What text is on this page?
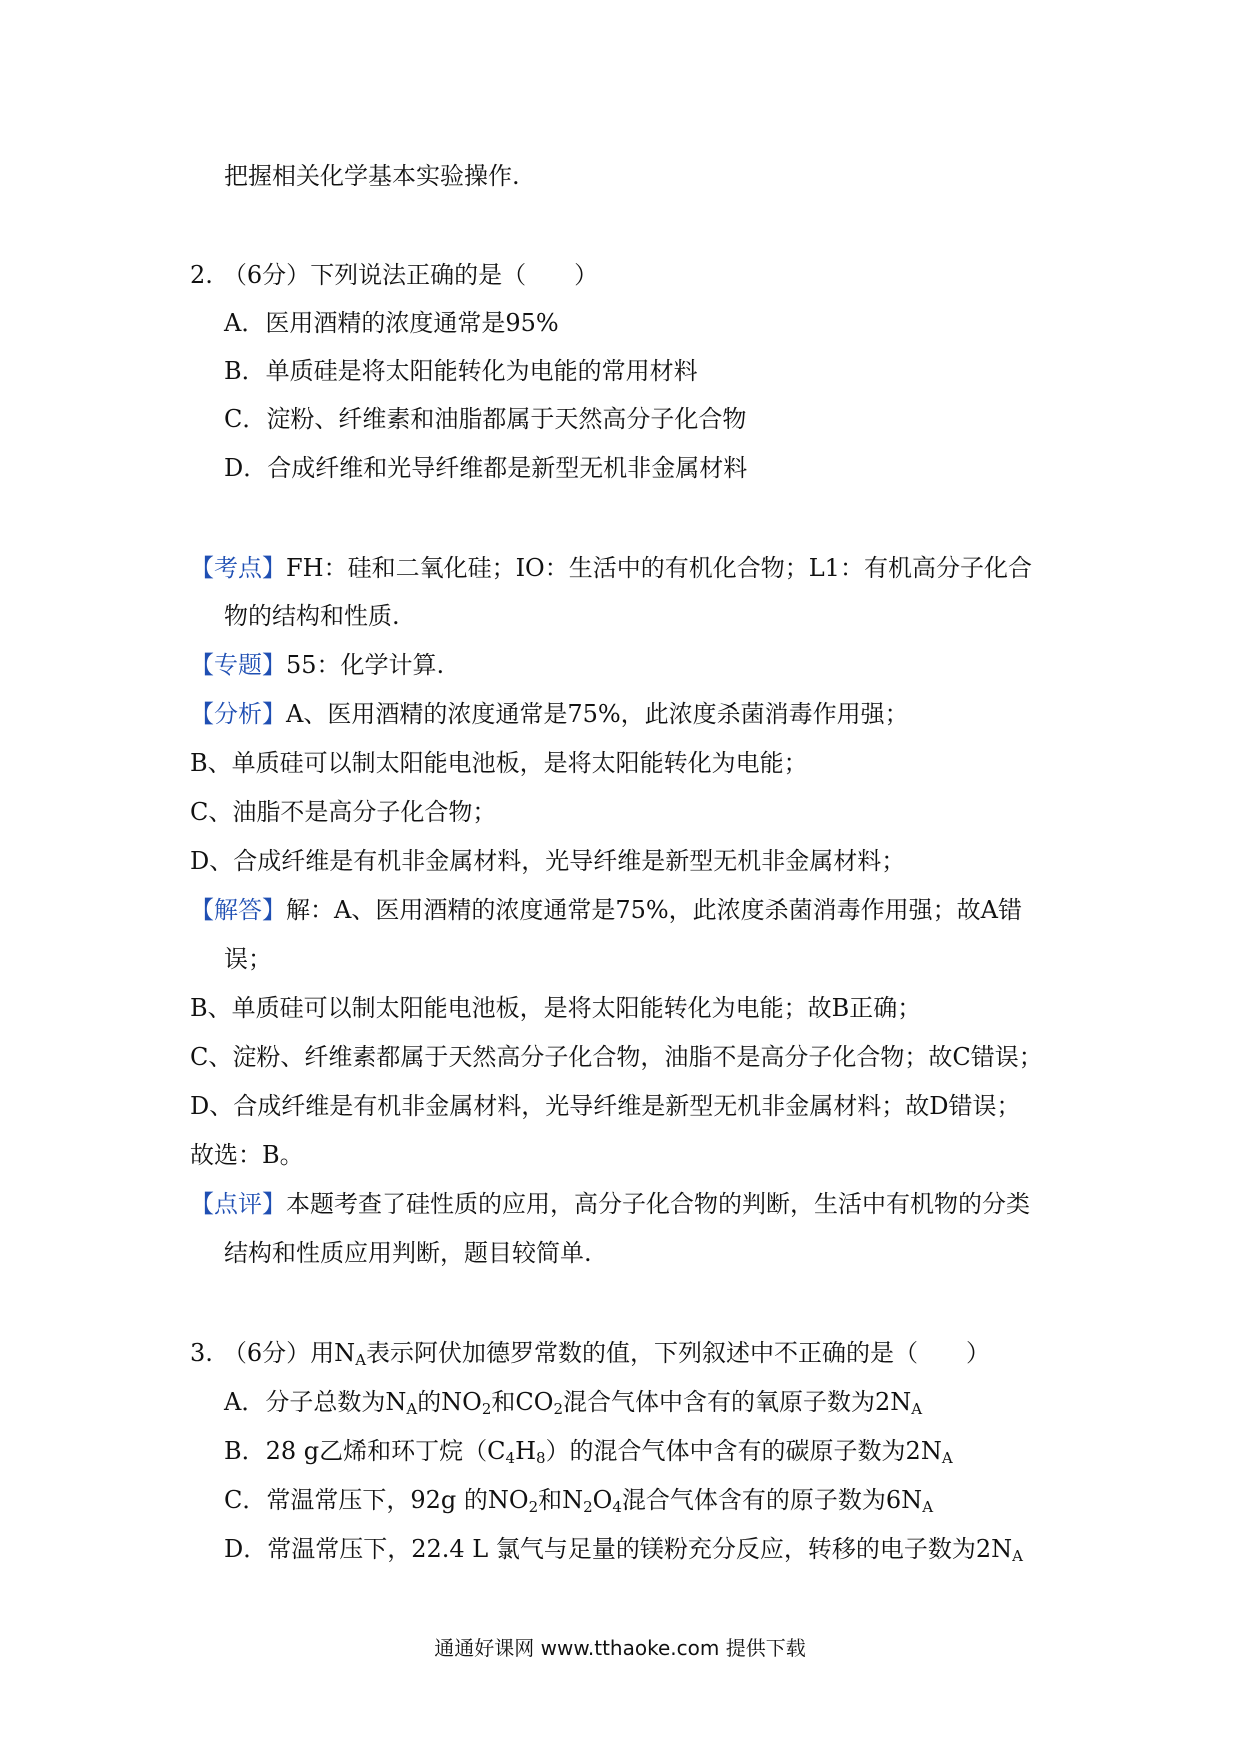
把握相关化学基本实验操作.
2. （6分）下列说法正确的是（　　）
A．医用酒精的浓度通常是95%
B．单质硅是将太阳能转化为电能的常用材料
C．淀粉、纤维素和油脂都属于天然高分子化合物
D．合成纤维和光导纤维都是新型无机非金属材料
【考点】FH：硅和二氧化硅；IO：生活中的有机化合物；L1：有机高分子化合
物的结构和性质.
【专题】55：化学计算.
【分析】A、医用酒精的浓度通常是75%，此浓度杀菌消毒作用强；
B、单质硅可以制太阳能电池板，是将太阳能转化为电能；
C、油脂不是高分子化合物；
D、合成纤维是有机非金属材料，光导纤维是新型无机非金属材料；
【解答】解：A、医用酒精的浓度通常是75%，此浓度杀菌消毒作用强；故A错
误；
B、单质硅可以制太阳能电池板，是将太阳能转化为电能；故B正确；
C、淀粉、纤维素都属于天然高分子化合物，油脂不是高分子化合物；故C错误；
D、合成纤维是有机非金属材料，光导纤维是新型无机非金属材料；故D错误；
故选：B。
【点评】本题考查了硅性质的应用，高分子化合物的判断，生活中有机物的分类
结构和性质应用判断，题目较简单.
3. （6分）用$N_A$表示阿伏加德罗常数的值，下列叙述中不正确的是（　　）
A．分子总数为$N_A$的$NO_2$和$CO_2$混合气体中含有的氧原子数为$2N_A$
B．28 g乙烯和环丁烷$(C_4H_8)$的混合气体中含有的碳原子数为$2N_A$
C．常温常压下，92g 的$NO_2$和$N_2O_4$混合气体含有的原子数为$6N_A$
D．常温常压下，22.4 L 氯气与足量的镁粉充分反应，转移的电子数为$2N_A$
通通好课网 www.tthaoke.com 提供下载
